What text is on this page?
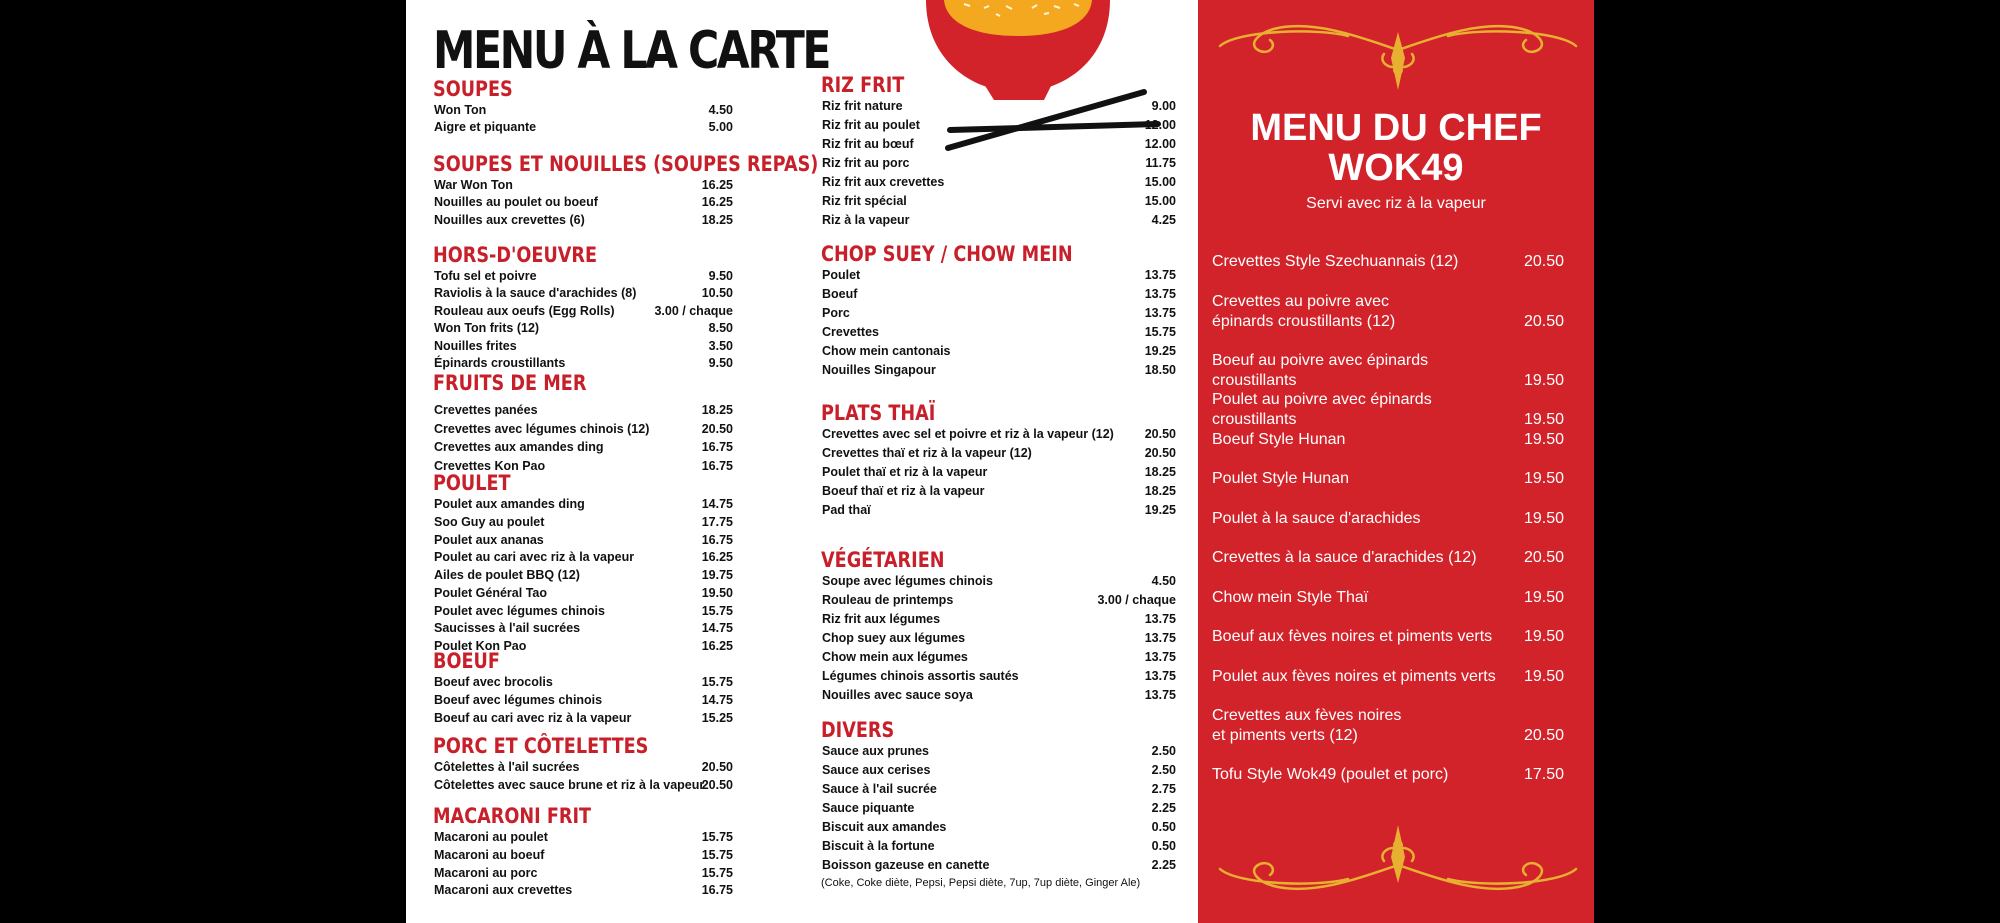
MENU À LA CARTE
SOUPES
Won Ton	4.50
Aigre et piquante	5.00
SOUPES ET NOUILLES (SOUPES REPAS)
War Won Ton	16.25
Nouilles au poulet ou boeuf	16.25
Nouilles aux crevettes (6)	18.25
HORS-D'OEUVRE
Tofu sel et poivre	9.50
Raviolis à la sauce d'arachides (8)	10.50
Rouleau aux oeufs (Egg Rolls)	3.00 / chaque
Won Ton frits (12)	8.50
Nouilles frites	3.50
Épinards croustillants	9.50
FRUITS DE MER
Crevettes panées	18.25
Crevettes avec légumes chinois (12)	20.50
Crevettes aux amandes ding	16.75
Crevettes Kon Pao	16.75
POULET
Poulet aux amandes ding	14.75
Soo Guy au poulet	17.75
Poulet aux ananas	16.75
Poulet au cari avec riz à la vapeur	16.25
Ailes de poulet BBQ (12)	19.75
Poulet Général Tao	19.50
Poulet avec légumes chinois	15.75
Saucisses à l'ail sucrées	14.75
Poulet Kon Pao	16.25
BOEUF
Boeuf avec brocolis	15.75
Boeuf avec légumes chinois	14.75
Boeuf au cari avec riz à la vapeur	15.25
PORC ET CÔTELETTES
Côtelettes à l'ail sucrées	20.50
Côtelettes avec sauce brune et riz à la vapeur
20.50
MACARONI FRIT
Macaroni au poulet	15.75
Macaroni au boeuf	15.75
Macaroni au porc	15.75
Macaroni aux crevettes	16.75
RIZ FRIT
Riz frit nature	9.00
Riz frit au poulet	12.00
Riz frit au bœuf	12.00
Riz frit au porc	11.75
Riz frit aux crevettes	15.00
Riz frit spécial	15.00
Riz à la vapeur	4.25
CHOP SUEY / CHOW MEIN
Poulet	13.75
Boeuf	13.75
Porc	13.75
Crevettes	15.75
Chow mein cantonais	19.25
Nouilles Singapour	18.50
PLATS THAÏ
Crevettes avec sel et poivre et riz à la vapeur (12) 20.50
Crevettes thaï et riz à la vapeur (12)	20.50
Poulet thaï et riz à la vapeur	18.25
Boeuf thaï et riz à la vapeur	18.25
Pad thaï	19.25
VÉGÉTARIEN
Soupe avec légumes chinois	4.50
Rouleau de printemps	3.00 / chaque
Riz frit aux légumes	13.75
Chop suey aux légumes	13.75
Chow mein aux légumes	13.75
Légumes chinois assortis sautés	13.75
Nouilles avec sauce soya	13.75
DIVERS
Sauce aux prunes	2.50
Sauce aux cerises	2.50
Sauce à l'ail sucrée	2.75
Sauce piquante	2.25
Biscuit aux amandes	0.50
Biscuit à la fortune	0.50
Boisson gazeuse en canette	2.25
(Coke, Coke diète, Pepsi, Pepsi diète, 7up, 7up diète, Ginger Ale)
MENU DU CHEF
WOK49

Servi avec riz à la vapeur

Crevettes Style Szechuannais (12)	20.50
Crevettes au poivre avec épinards croustillants (12)	20.50
Boeuf au poivre avec épinards croustillants	19.50
Poulet au poivre avec épinards croustillants	19.50
Boeuf Style Hunan	19.50
Poulet Style Hunan	19.50
Poulet à la sauce d'arachides	19.50
Crevettes à la sauce d'arachides (12)	20.50
Chow mein Style Thaï	19.50
Boeuf aux fèves noires et piments verts	19.50
Poulet aux fèves noires et piments verts	19.50
Crevettes aux fèves noires et piments verts (12)	20.50
Tofu Style Wok49 (poulet et porc)	17.50
